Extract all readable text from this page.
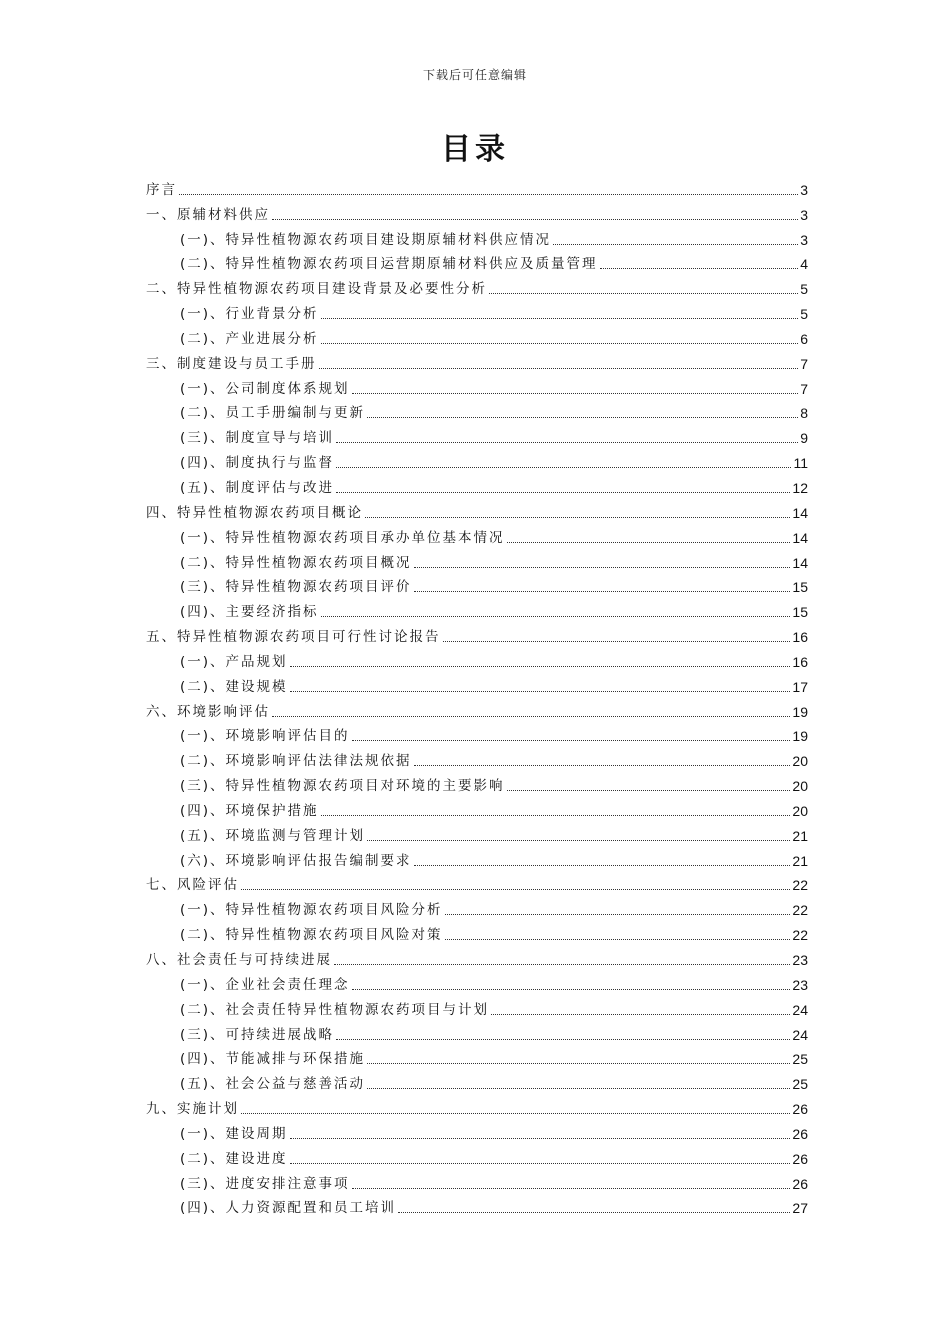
下载后可任意编辑
目录
序言	3
一、原辅材料供应	3
(一)、特异性植物源农药项目建设期原辅材料供应情况	3
(二)、特异性植物源农药项目运营期原辅材料供应及质量管理	4
二、特异性植物源农药项目建设背景及必要性分析	5
(一)、行业背景分析	5
(二)、产业进展分析	6
三、制度建设与员工手册	7
(一)、公司制度体系规划	7
(二)、员工手册编制与更新	8
(三)、制度宣导与培训	9
(四)、制度执行与监督	11
(五)、制度评估与改进	12
四、特异性植物源农药项目概论	14
(一)、特异性植物源农药项目承办单位基本情况	14
(二)、特异性植物源农药项目概况	14
(三)、特异性植物源农药项目评价	15
(四)、主要经济指标	15
五、特异性植物源农药项目可行性讨论报告	16
(一)、产品规划	16
(二)、建设规模	17
六、环境影响评估	19
(一)、环境影响评估目的	19
(二)、环境影响评估法律法规依据	20
(三)、特异性植物源农药项目对环境的主要影响	20
(四)、环境保护措施	20
(五)、环境监测与管理计划	21
(六)、环境影响评估报告编制要求	21
七、风险评估	22
(一)、特异性植物源农药项目风险分析	22
(二)、特异性植物源农药项目风险对策	22
八、社会责任与可持续进展	23
(一)、企业社会责任理念	23
(二)、社会责任特异性植物源农药项目与计划	24
(三)、可持续进展战略	24
(四)、节能减排与环保措施	25
(五)、社会公益与慈善活动	25
九、实施计划	26
(一)、建设周期	26
(二)、建设进度	26
(三)、进度安排注意事项	26
(四)、人力资源配置和员工培训	27
